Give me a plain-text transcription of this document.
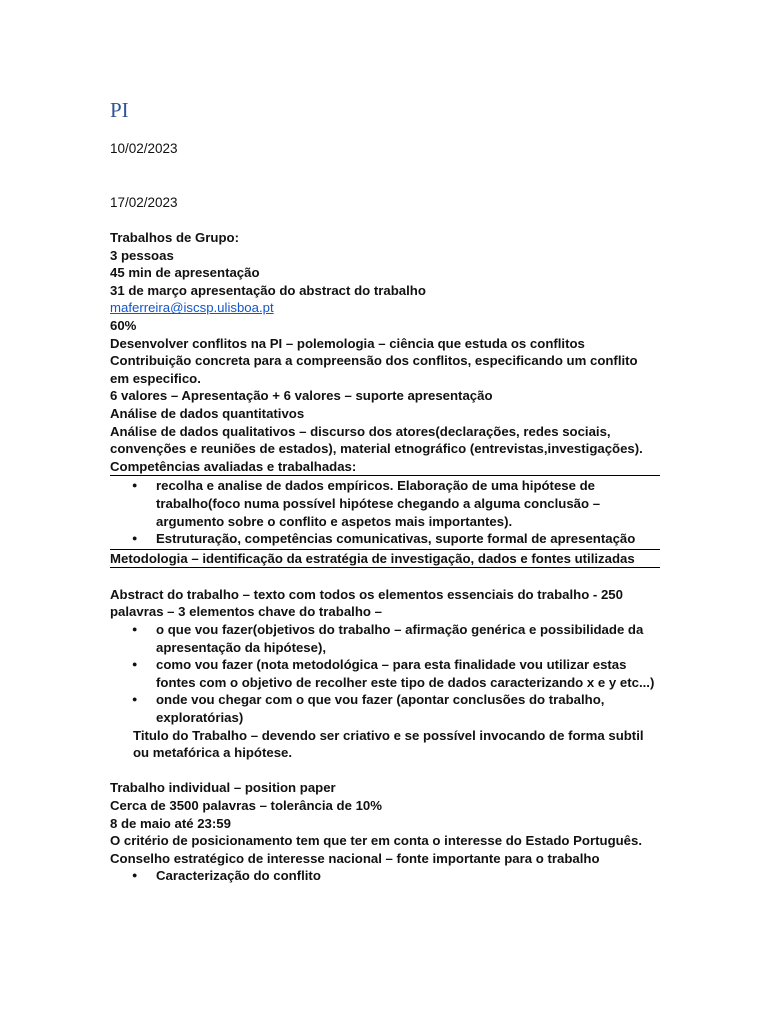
PI

10/02/2023

17/02/2023

Trabalhos de Grupo:

3 pessoas

45 min de apresentação

31 de março apresentação do abstract do trabalho

maferreira@iscsp.ulisboa.pt

60%

Desenvolver conflitos na PI – polemologia – ciência que estuda os conflitos

Contribuição concreta para a compreensão dos conflitos, especificando um conflito em especifico.

6 valores – Apresentação + 6 valores – suporte apresentação

Análise de dados quantitativos

Análise de dados qualitativos – discurso dos atores(declarações, redes sociais, convenções e reuniões de estados), material etnográfico (entrevistas,investigações).

Competências avaliadas e trabalhadas:

● recolha e analise de dados empíricos. Elaboração de uma hipótese de trabalho(foco numa possível hipótese chegando a alguma conclusão – argumento sobre o conflito e aspetos mais importantes).
● Estruturação, competências comunicativas, suporte formal de apresentação

Metodologia – identificação da estratégia de investigação, dados e fontes utilizadas

Abstract do trabalho – texto com todos os elementos essenciais do trabalho - 250 palavras – 3 elementos chave do trabalho –

● o que vou fazer(objetivos do trabalho – afirmação genérica e possibilidade da apresentação da hipótese),
● como vou fazer (nota metodológica – para esta finalidade vou utilizar estas fontes com o objetivo de recolher este tipo de dados caracterizando x e y etc...)
● onde vou chegar com o que vou fazer (apontar conclusões do trabalho, exploratórias)

Titulo do Trabalho – devendo ser criativo e se possível invocando de forma subtil ou metafórica a hipótese.

Trabalho individual – position paper

Cerca de 3500 palavras – tolerância de 10%

8 de maio até 23:59

O critério de posicionamento tem que ter em conta o interesse do Estado Português.

Conselho estratégico de interesse nacional – fonte importante para o trabalho

● Caracterização do conflito
